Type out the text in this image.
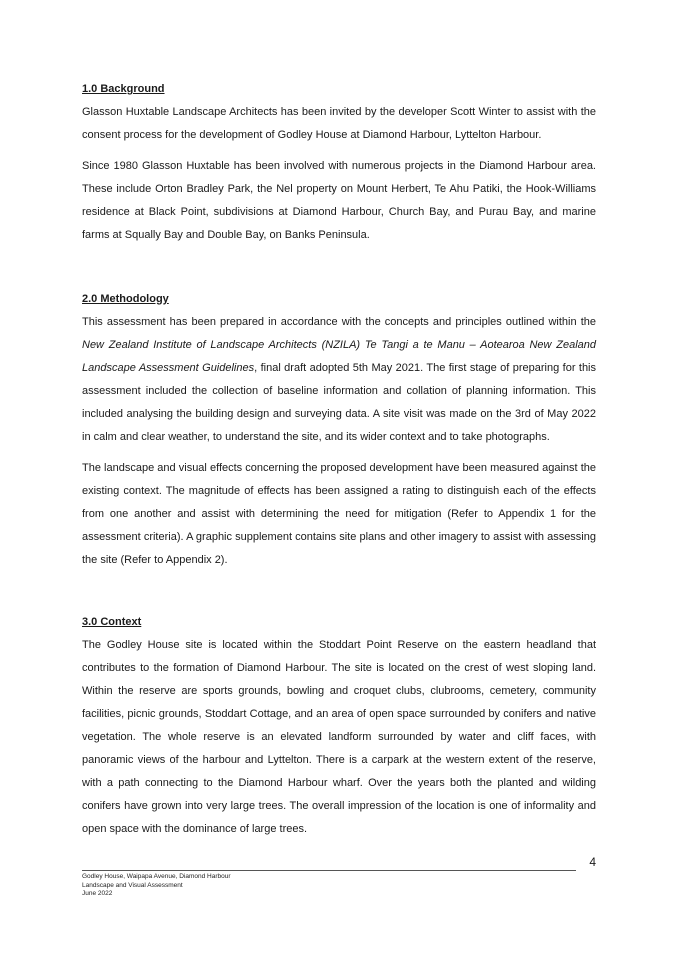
1.0 Background

Glasson Huxtable Landscape Architects has been invited by the developer Scott Winter to assist with the consent process for the development of Godley House at Diamond Harbour, Lyttelton Harbour.

Since 1980 Glasson Huxtable has been involved with numerous projects in the Diamond Harbour area. These include Orton Bradley Park, the Nel property on Mount Herbert, Te Ahu Patiki, the Hook-Williams residence at Black Point, subdivisions at Diamond Harbour, Church Bay, and Purau Bay, and marine farms at Squally Bay and Double Bay, on Banks Peninsula.

2.0 Methodology

This assessment has been prepared in accordance with the concepts and principles outlined within the New Zealand Institute of Landscape Architects (NZILA) Te Tangi a te Manu – Aotearoa New Zealand Landscape Assessment Guidelines, final draft adopted 5th May 2021. The first stage of preparing for this assessment included the collection of baseline information and collation of planning information. This included analysing the building design and surveying data. A site visit was made on the 3rd of May 2022 in calm and clear weather, to understand the site, and its wider context and to take photographs.

The landscape and visual effects concerning the proposed development have been measured against the existing context. The magnitude of effects has been assigned a rating to distinguish each of the effects from one another and assist with determining the need for mitigation (Refer to Appendix 1 for the assessment criteria). A graphic supplement contains site plans and other imagery to assist with assessing the site (Refer to Appendix 2).

3.0 Context

The Godley House site is located within the Stoddart Point Reserve on the eastern headland that contributes to the formation of Diamond Harbour. The site is located on the crest of west sloping land. Within the reserve are sports grounds, bowling and croquet clubs, clubrooms, cemetery, community facilities, picnic grounds, Stoddart Cottage, and an area of open space surrounded by conifers and native vegetation. The whole reserve is an elevated landform surrounded by water and cliff faces, with panoramic views of the harbour and Lyttelton. There is a carpark at the western extent of the reserve, with a path connecting to the Diamond Harbour wharf. Over the years both the planted and wilding conifers have grown into very large trees. The overall impression of the location is one of informality and open space with the dominance of large trees.

4
Godley House, Waipapa Avenue, Diamond Harbour
Landscape and Visual Assessment
June 2022
